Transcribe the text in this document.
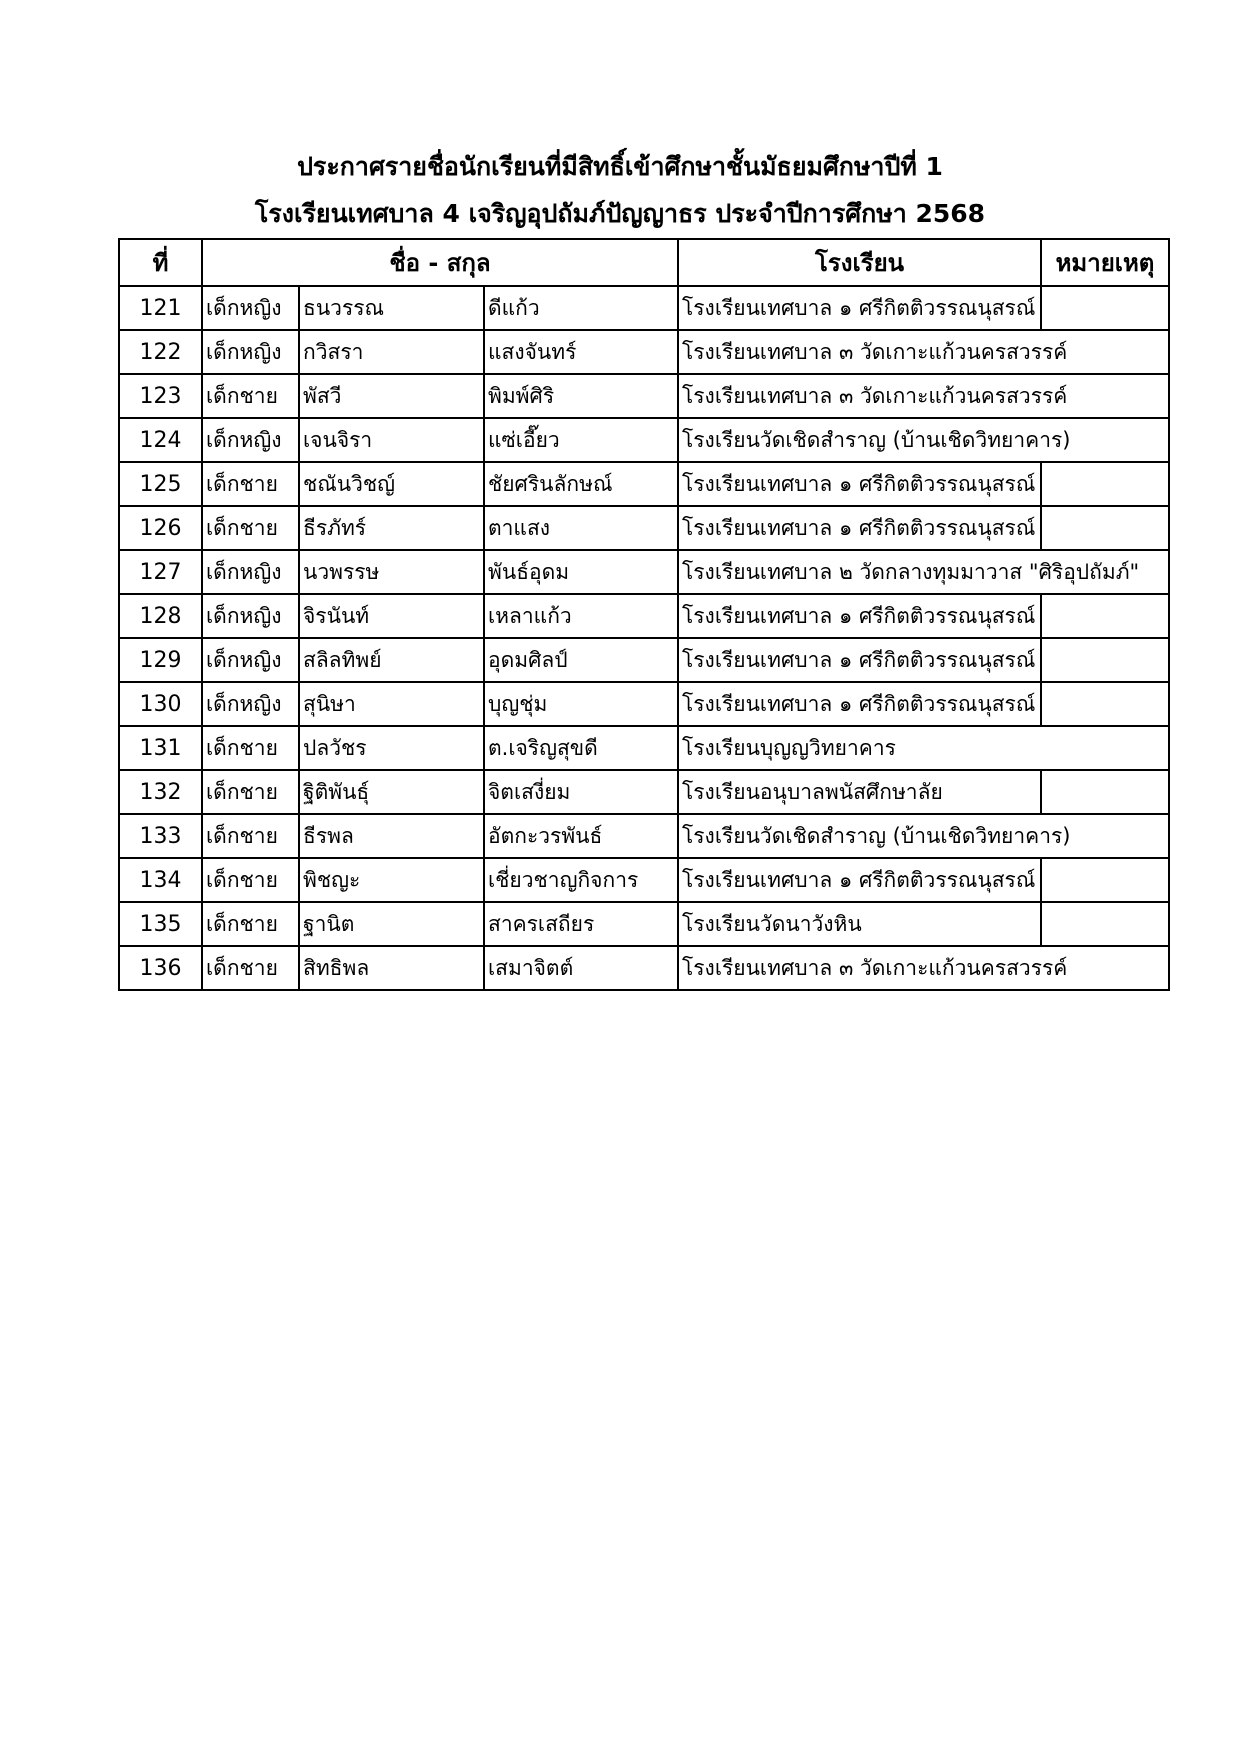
ประกาศรายชื่อนักเรียนที่มีสิทธิ์เข้าศึกษาชั้นมัธยมศึกษาปีที่ 1
โรงเรียนเทศบาล 4 เจริญอุปถัมภ์ปัญญาธร ประจำปีการศึกษา 2568
ที่	ชื่อ - สกุล			โรงเรียน	หมายเหตุ
121	เด็กหญิง	ธนวรรณ	ดีแก้ว	โรงเรียนเทศบาล ๑ ศรีกิตติวรรณนุสรณ์	
122	เด็กหญิง	กวิสรา	แสงจันทร์	โรงเรียนเทศบาล ๓ วัดเกาะแก้วนครสวรรค์	
123	เด็กชาย	พัสวี	พิมพ์ศิริ	โรงเรียนเทศบาล ๓ วัดเกาะแก้วนครสวรรค์	
124	เด็กหญิง	เจนจิรา	แซ่เอี๊ยว	โรงเรียนวัดเชิดสำราญ (บ้านเชิดวิทยาคาร)	
125	เด็กชาย	ชณันวิชญ์	ชัยศรินลักษณ์	โรงเรียนเทศบาล ๑ ศรีกิตติวรรณนุสรณ์	
126	เด็กชาย	ธีรภัทร์	ตาแสง	โรงเรียนเทศบาล ๑ ศรีกิตติวรรณนุสรณ์	
127	เด็กหญิง	นวพรรษ	พันธ์อุดม	โรงเรียนเทศบาล ๒ วัดกลางทุมมาวาส "ศิริอุปถัมภ์"	
128	เด็กหญิง	จิรนันท์	เหลาแก้ว	โรงเรียนเทศบาล ๑ ศรีกิตติวรรณนุสรณ์	
129	เด็กหญิง	สลิลทิพย์	อุดมศิลป์	โรงเรียนเทศบาล ๑ ศรีกิตติวรรณนุสรณ์	
130	เด็กหญิง	สุนิษา	บุญชุ่ม	โรงเรียนเทศบาล ๑ ศรีกิตติวรรณนุสรณ์	
131	เด็กชาย	ปลวัชร	ต.เจริญสุขดี	โรงเรียนบุญญวิทยาคาร	
132	เด็กชาย	ฐิติพันธุ์	จิตเสงี่ยม	โรงเรียนอนุบาลพนัสศึกษาลัย	
133	เด็กชาย	ธีรพล	อัตกะวรพันธ์	โรงเรียนวัดเชิดสำราญ (บ้านเชิดวิทยาคาร)	
134	เด็กชาย	พิชญะ	เชี่ยวชาญกิจการ	โรงเรียนเทศบาล ๑ ศรีกิตติวรรณนุสรณ์	
135	เด็กชาย	ฐานิต	สาครเสถียร	โรงเรียนวัดนาวังหิน	
136	เด็กชาย	สิทธิพล	เสมาจิตต์	โรงเรียนเทศบาล ๓ วัดเกาะแก้วนครสวรรค์	
